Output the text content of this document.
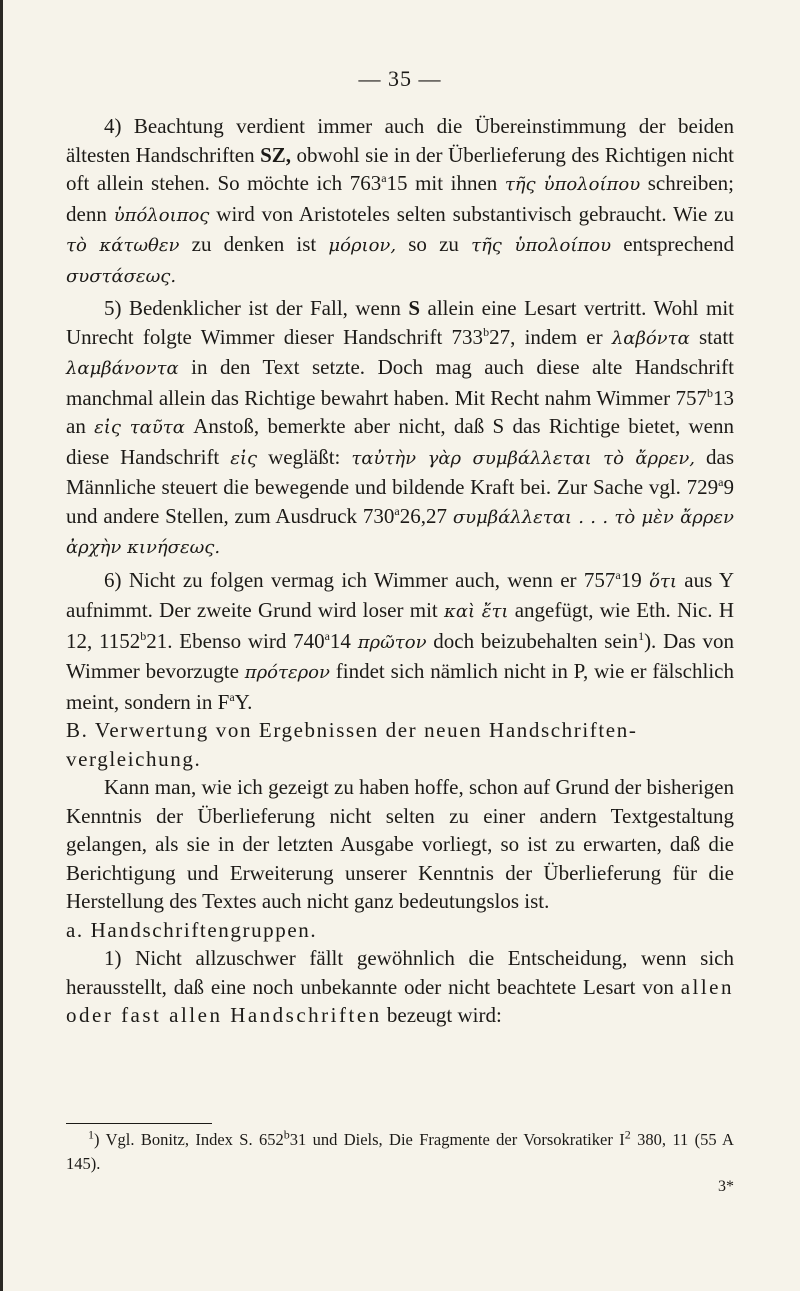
— 35 —

4) Beachtung verdient immer auch die Übereinstimmung der beiden ältesten Handschriften SZ, obwohl sie in der Überlieferung des Richtigen nicht oft allein stehen. So möchte ich 763$^a$15 mit ihnen τῆς ὑπολοίπου schreiben; denn ὑπόλοιπος wird von Aristoteles selten substantivisch gebraucht. Wie zu τὸ κάτωθεν zu denken ist μόριον, so zu τῆς ὑπολοίπου entsprechend συστάσεως.

5) Bedenklicher ist der Fall, wenn S allein eine Lesart vertritt. Wohl mit Unrecht folgte Wimmer dieser Handschrift 733$^b$27, indem er λαβόντα statt λαμβάνοντα in den Text setzte. Doch mag auch diese alte Handschrift manchmal allein das Richtige bewahrt haben. Mit Recht nahm Wimmer 757$^b$13 an εἰς ταῦτα Anstoß, bemerkte aber nicht, daß S das Richtige bietet, wenn diese Handschrift εἰς wegläßt: ταὐτὴν γὰρ συμβάλλεται τὸ ἄρρεν, das Männliche steuert die bewegende und bildende Kraft bei. Zur Sache vgl. 729$^a$9 und andere Stellen, zum Ausdruck 730$^a$26,27 συμβάλλεται . . . τὸ μὲν ἄρρεν ἀρχὴν κινήσεως.

6) Nicht zu folgen vermag ich Wimmer auch, wenn er 757$^a$19 ὅτι aus Y aufnimmt. Der zweite Grund wird loser mit καὶ ἔτι angefügt, wie Eth. Nic. H 12, 1152$^b$21. Ebenso wird 740$^a$14 πρῶτον doch beizubehalten sein$^1$). Das von Wimmer bevorzugte πρότερον findet sich nämlich nicht in P, wie er fälschlich meint, sondern in $F^aY$.

B. Verwertung von Ergebnissen der neuen Handschriften-
vergleichung.

Kann man, wie ich gezeigt zu haben hoffe, schon auf Grund der bisherigen Kenntnis der Überlieferung nicht selten zu einer andern Textgestaltung gelangen, als sie in der letzten Ausgabe vorliegt, so ist zu erwarten, daß die Berichtigung und Erweiterung unserer Kenntnis der Überlieferung für die Herstellung des Textes auch nicht ganz bedeutungslos ist.

a. Handschriftengruppen.

1) Nicht allzuschwer fällt gewöhnlich die Entscheidung, wenn sich herausstellt, daß eine noch unbekannte oder nicht beachtete Lesart von allen oder fast allen Handschriften bezeugt wird:

$^1$) Vgl. Bonitz, Index S. 652$^b$31 und Diels, Die Fragmente der Vorsokratiker $I^2$ 380, 11 (55 A 145).

3*
